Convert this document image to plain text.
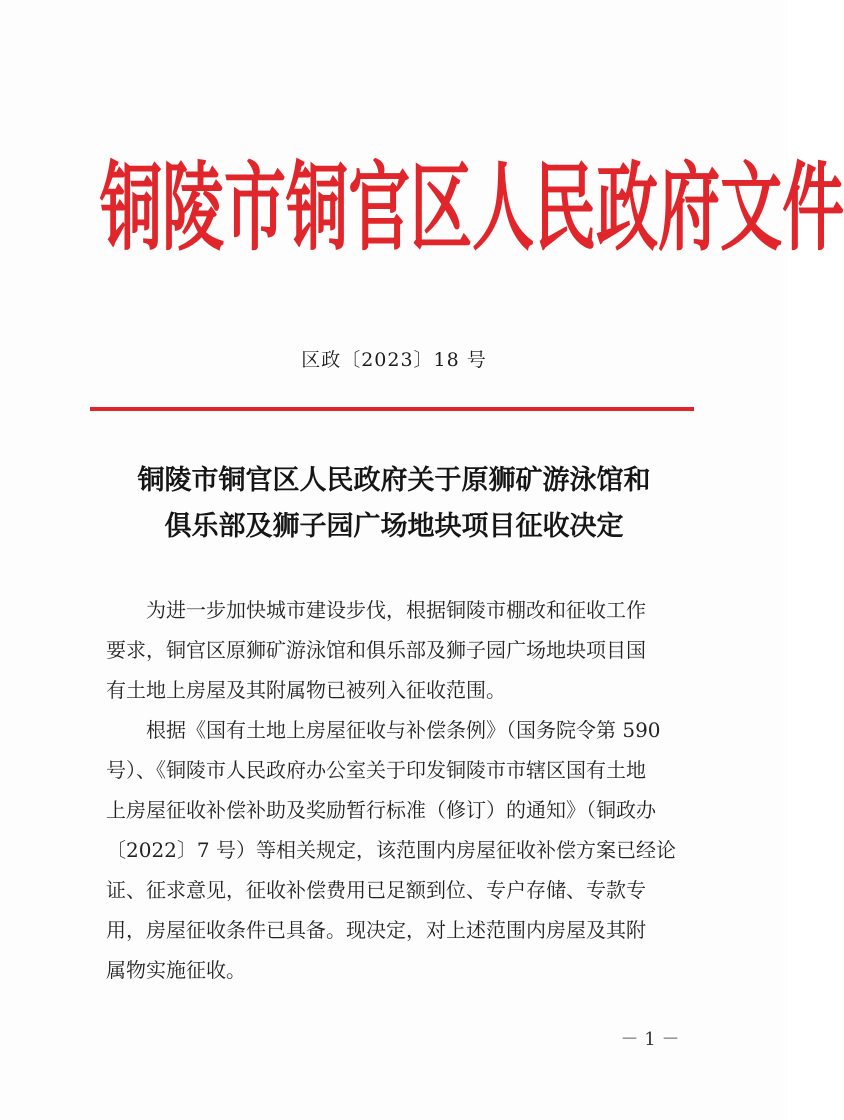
铜 陵 市 铜 官 区 人 民 政 府 文 件
区政〔2023〕18 号
铜陵市铜官区人民政府关于原狮矿游泳馆和
俱乐部及狮子园广场地块项目征收决定
为进一步加快城市建设步伐，根据铜陵市棚改和征收工作
要求，铜官区原狮矿游泳馆和俱乐部及狮子园广场地块项目国
有土地上房屋及其附属物已被列入征收范围。
根据《国有土地上房屋征收与补偿条例》（国务院令第 590
号）、《铜陵市人民政府办公室关于印发铜陵市市辖区国有土地
上房屋征收补偿补助及奖励暂行标准（修订）的通知》（铜政办
〔2022〕7 号）等相关规定，该范围内房屋征收补偿方案已经论
证、征求意见，征收补偿费用已足额到位、专户存储、专款专
用，房屋征收条件已具备。现决定，对上述范围内房屋及其附
属物实施征收。
－ 1 －
